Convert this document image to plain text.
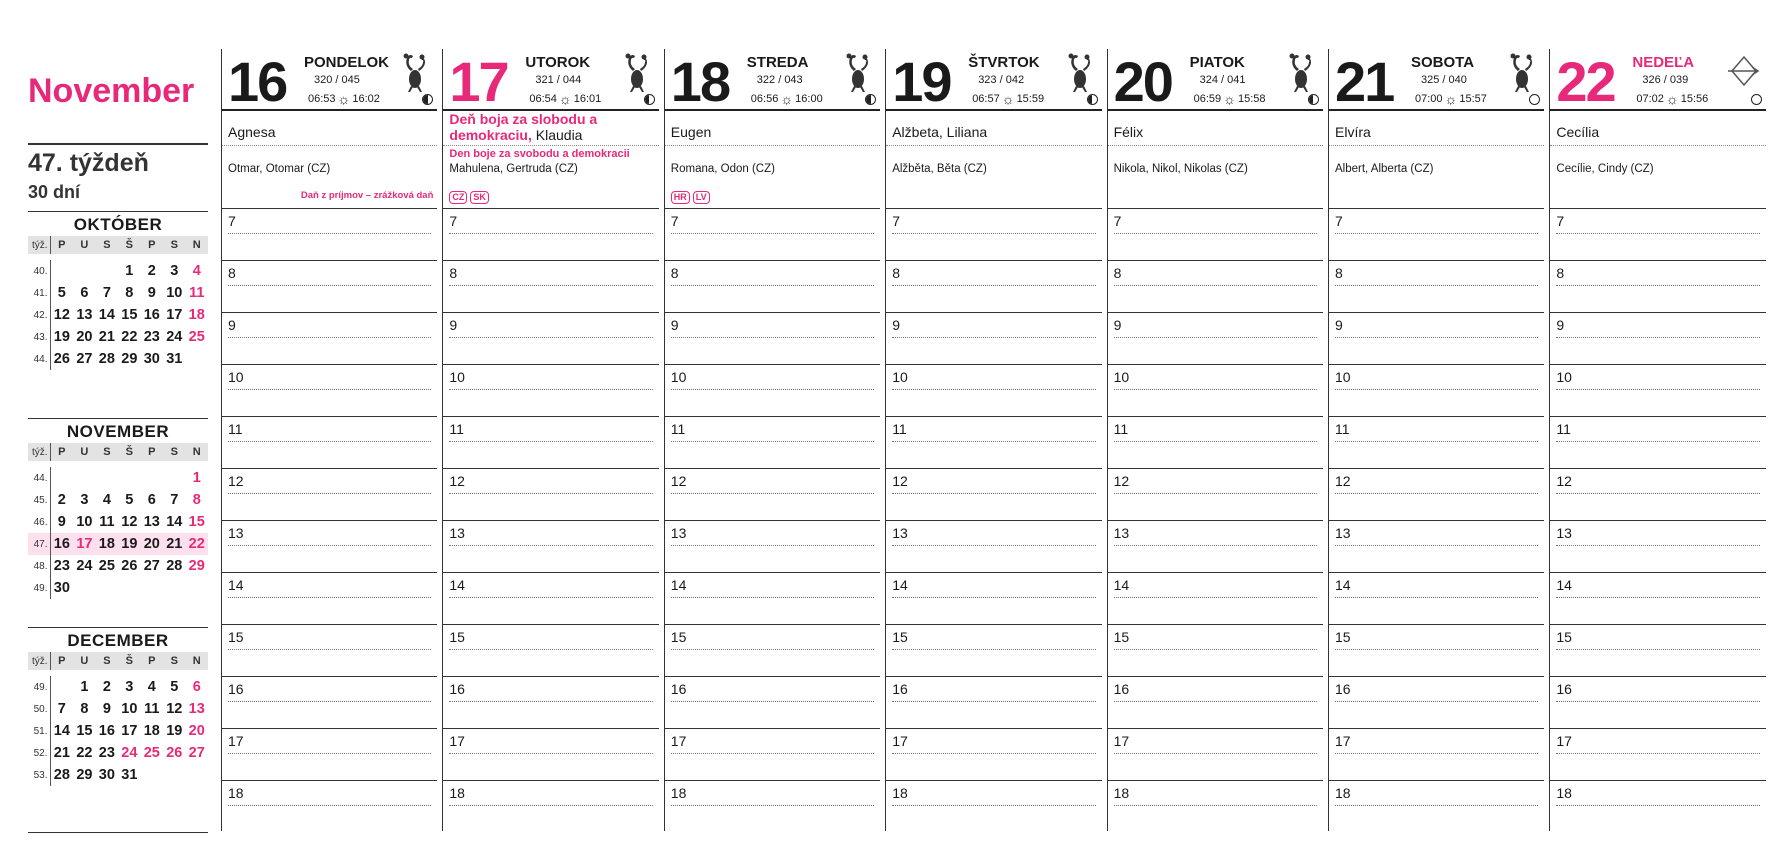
November
47. týždeň
30 dní
OKTÓBER
týž.	P	U	S	Š	P	S	N

40.				1	2	3	4
41.	5	6	7	8	9	10	11
42.	12	13	14	15	16	17	18
43.	19	20	21	22	23	24	25
44.	26	27	28	29	30	31	
NOVEMBER
týž.	P	U	S	Š	P	S	N

44.							1
45.	2	3	4	5	6	7	8
46.	9	10	11	12	13	14	15
47.	16	17	18	19	20	21	22
48.	23	24	25	26	27	28	29
49.	30						
DECEMBER
týž.	P	U	S	Š	P	S	N

49.		1	2	3	4	5	6
50.	7	8	9	10	11	12	13
51.	14	15	16	17	18	19	20
52.	21	22	23	24	25	26	27
53.	28	29	30	31			
16 PONDELOK
320 / 045
06:53 ☼ 16:02
Agnesa
Otmar, Otomar (CZ)
Daň z príjmov – zrážková daň
7
8
9
10
11
12
13
14
15
16
17
18
17 UTOROK
321 / 044
06:54 ☼ 16:01
Deň boja za slobodu a demokraciu, Klaudia
Den boje za svobodu a demokracii
Mahulena, Gertruda (CZ)
CZ SK
7
8
9
10
11
12
13
14
15
16
17
18
18 STREDA
322 / 043
06:56 ☼ 16:00
Eugen
Romana, Odon (CZ)
HR LV
7
8
9
10
11
12
13
14
15
16
17
18
19 ŠTVRTOK
323 / 042
06:57 ☼ 15:59
Alžbeta, Liliana
Alžběta, Běta (CZ)
7
8
9
10
11
12
13
14
15
16
17
18
20 PIATOK
324 / 041
06:59 ☼ 15:58
Félix
Nikola, Nikol, Nikolas (CZ)
7
8
9
10
11
12
13
14
15
16
17
18
21 SOBOTA
325 / 040
07:00 ☼ 15:57
Elvíra
Albert, Alberta (CZ)
7
8
9
10
11
12
13
14
15
16
17
18
22 NEDEĽA
326 / 039
07:02 ☼ 15:56
Cecília
Cecílie, Cindy (CZ)
7
8
9
10
11
12
13
14
15
16
17
18
